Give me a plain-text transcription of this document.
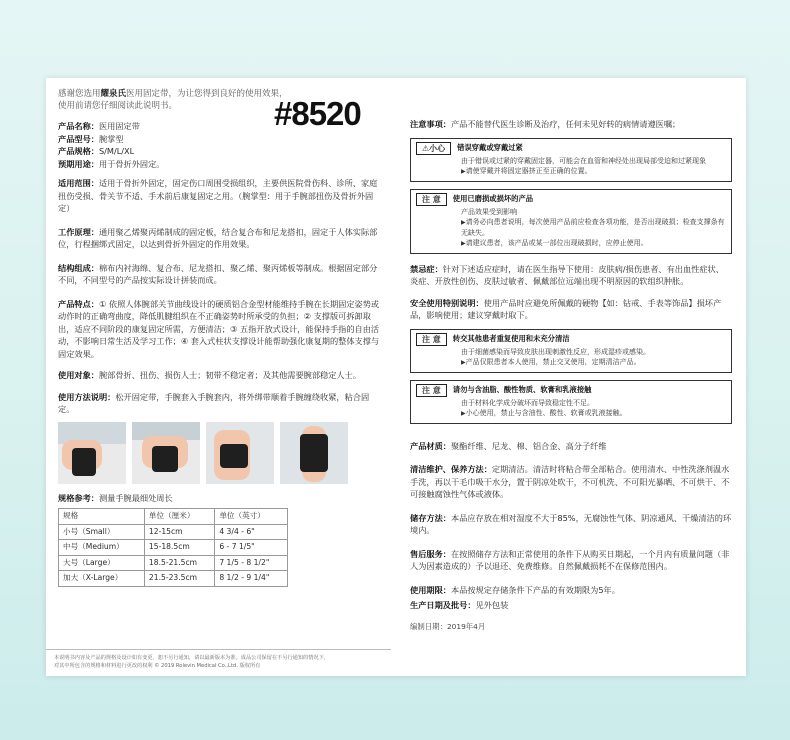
感谢您选用耀泉氏医用固定带，为让您得到良好的使用效果，
使用前请您仔细阅读此说明书。	#8520
产品名称：医用固定带
产品型号：腕掌型
产品规格：S/M/L/XL
预期用途：用于骨折外固定。
适用范围：适用于骨折外固定，固定伤口周围受损组织，主要供医院骨伤科、诊所、家庭扭伤受损、骨关节不适、手术前后康复固定之用。（腕掌型：用于手腕部扭伤及骨折外固定）
工作原理：通用聚乙烯聚丙烯制成的固定板，结合复合布和尼龙搭扣，固定于人体实际部位，行程捆绑式固定，以达到骨折外固定的作用效果。
结构组成：棉布内衬海绵、复合布、尼龙搭扣、聚乙烯、聚丙烯板等制成。根据固定部分不同，不同型号的产品按实际设计拼装而成。
产品特点：① 依照人体腕部关节曲线设计的硬质铝合金型材能维持手腕在长期固定姿势或动作时的正确弯曲度，降低肌腱组织在不正确姿势时所承受的负担；② 支撑版可拆卸取出，适应不同阶段的康复固定所需，方便清洁；③ 五指开放式设计，能保持手指的自由活动，不影响日常生活及学习工作；④ 套入式柱状支撑设计能帮助强化康复期的整体支撑与固定效果。
使用对象：腕部骨折、扭伤、损伤人士；韧带不稳定者；及其他需要腕部稳定人士。
使用方法说明：松开固定带，手腕套入手腕套内，将外绑带顺着手腕缠绕收紧，粘合固定。
规格参考：测量手腕最细处周长
规格	单位（厘米）	单位（英寸）
小号（Small）	12-15cm	4 3/4 - 6"
中号（Medium）	15-18.5cm	6 - 7 1/5"
大号（Large）	18.5-21.5cm	7 1/5 - 8 1/2"
加大（X-Large）	21.5-23.5cm	8 1/2 - 9 1/4"
本说明书内容及产品的规格及设计如有变更，恕不另行通知，请以最新版本为准。成品公司保留在不另行通知的情况下，
对其中所包含的规格和材料进行更改的权利 © 2019 Rolevin Medical Co.,Ltd. 版权所有
注意事项：产品不能替代医生诊断及治疗，任何未见好转的病情请遵医嘱；
⚠小心	错误穿戴或穿戴过紧
由于错误或过紧的穿戴固定器，可能会在血管和神经处出现局部受迫和过紧现象
▶ 请使穿戴并将固定器挤正至正确的位置。
注 意	使用已磨损或损坏的产品
产品效果受到影响
▶ 请务必向患者说明，每次使用产品前应检查各项功能，是否出现破损；检查支撑条有无缺失。
▶ 请建议患者，该产品或某一部位出现破损时，应停止使用。
禁忌症：针对下述适应症时，请在医生指导下使用：皮肤病/损伤患者、有出血性症状、炎症、开放性创伤、皮肤过敏者、佩戴部位远端出现不明原因的软组织肿胀。
安全使用特别说明：使用产品时应避免所佩戴的硬物【如：钻戒、手表等饰品】损坏产品，影响使用；建议穿戴时取下。
注 意	转交其他患者重复使用和未充分清洁
由于细菌感染而导致皮肤出现刺激性反应，形成湿疹或感染。
▶ 产品仅限患者本人使用，禁止交叉使用，定期清洁产品。
注 意	请勿与含油脂、酸性物质、软膏和乳液接触
由于材料化学成分破坏而导致稳定性不足。
▶ 小心使用，禁止与含油性、酸性、软膏或乳液接触。
产品材质：聚酯纤维、尼龙、棉、铝合金、高分子纤维
清洁维护、保养方法：定期清洁。清洁时将粘合带全部粘合。使用清水、中性洗涤剂温水手洗，再以干毛巾吸干水分，置于阴凉处吹干，不可机洗、不可阳光暴晒、不可烘干、不可接触腐蚀性气体或液体。
储存方法：本品应存放在相对湿度不大于85%，无腐蚀性气体、阴凉通风、干燥清洁的环境内。
售后服务：在按照储存方法和正常使用的条件下从购买日期起，一个月内有质量问题（非人为因素造成的）予以退还、免费维修。自然佩戴损耗不在保修范围内。
使用期限：本品按规定存储条件下产品的有效期限为5年。
生产日期及批号：见外包装
编制日期：2019年4月
